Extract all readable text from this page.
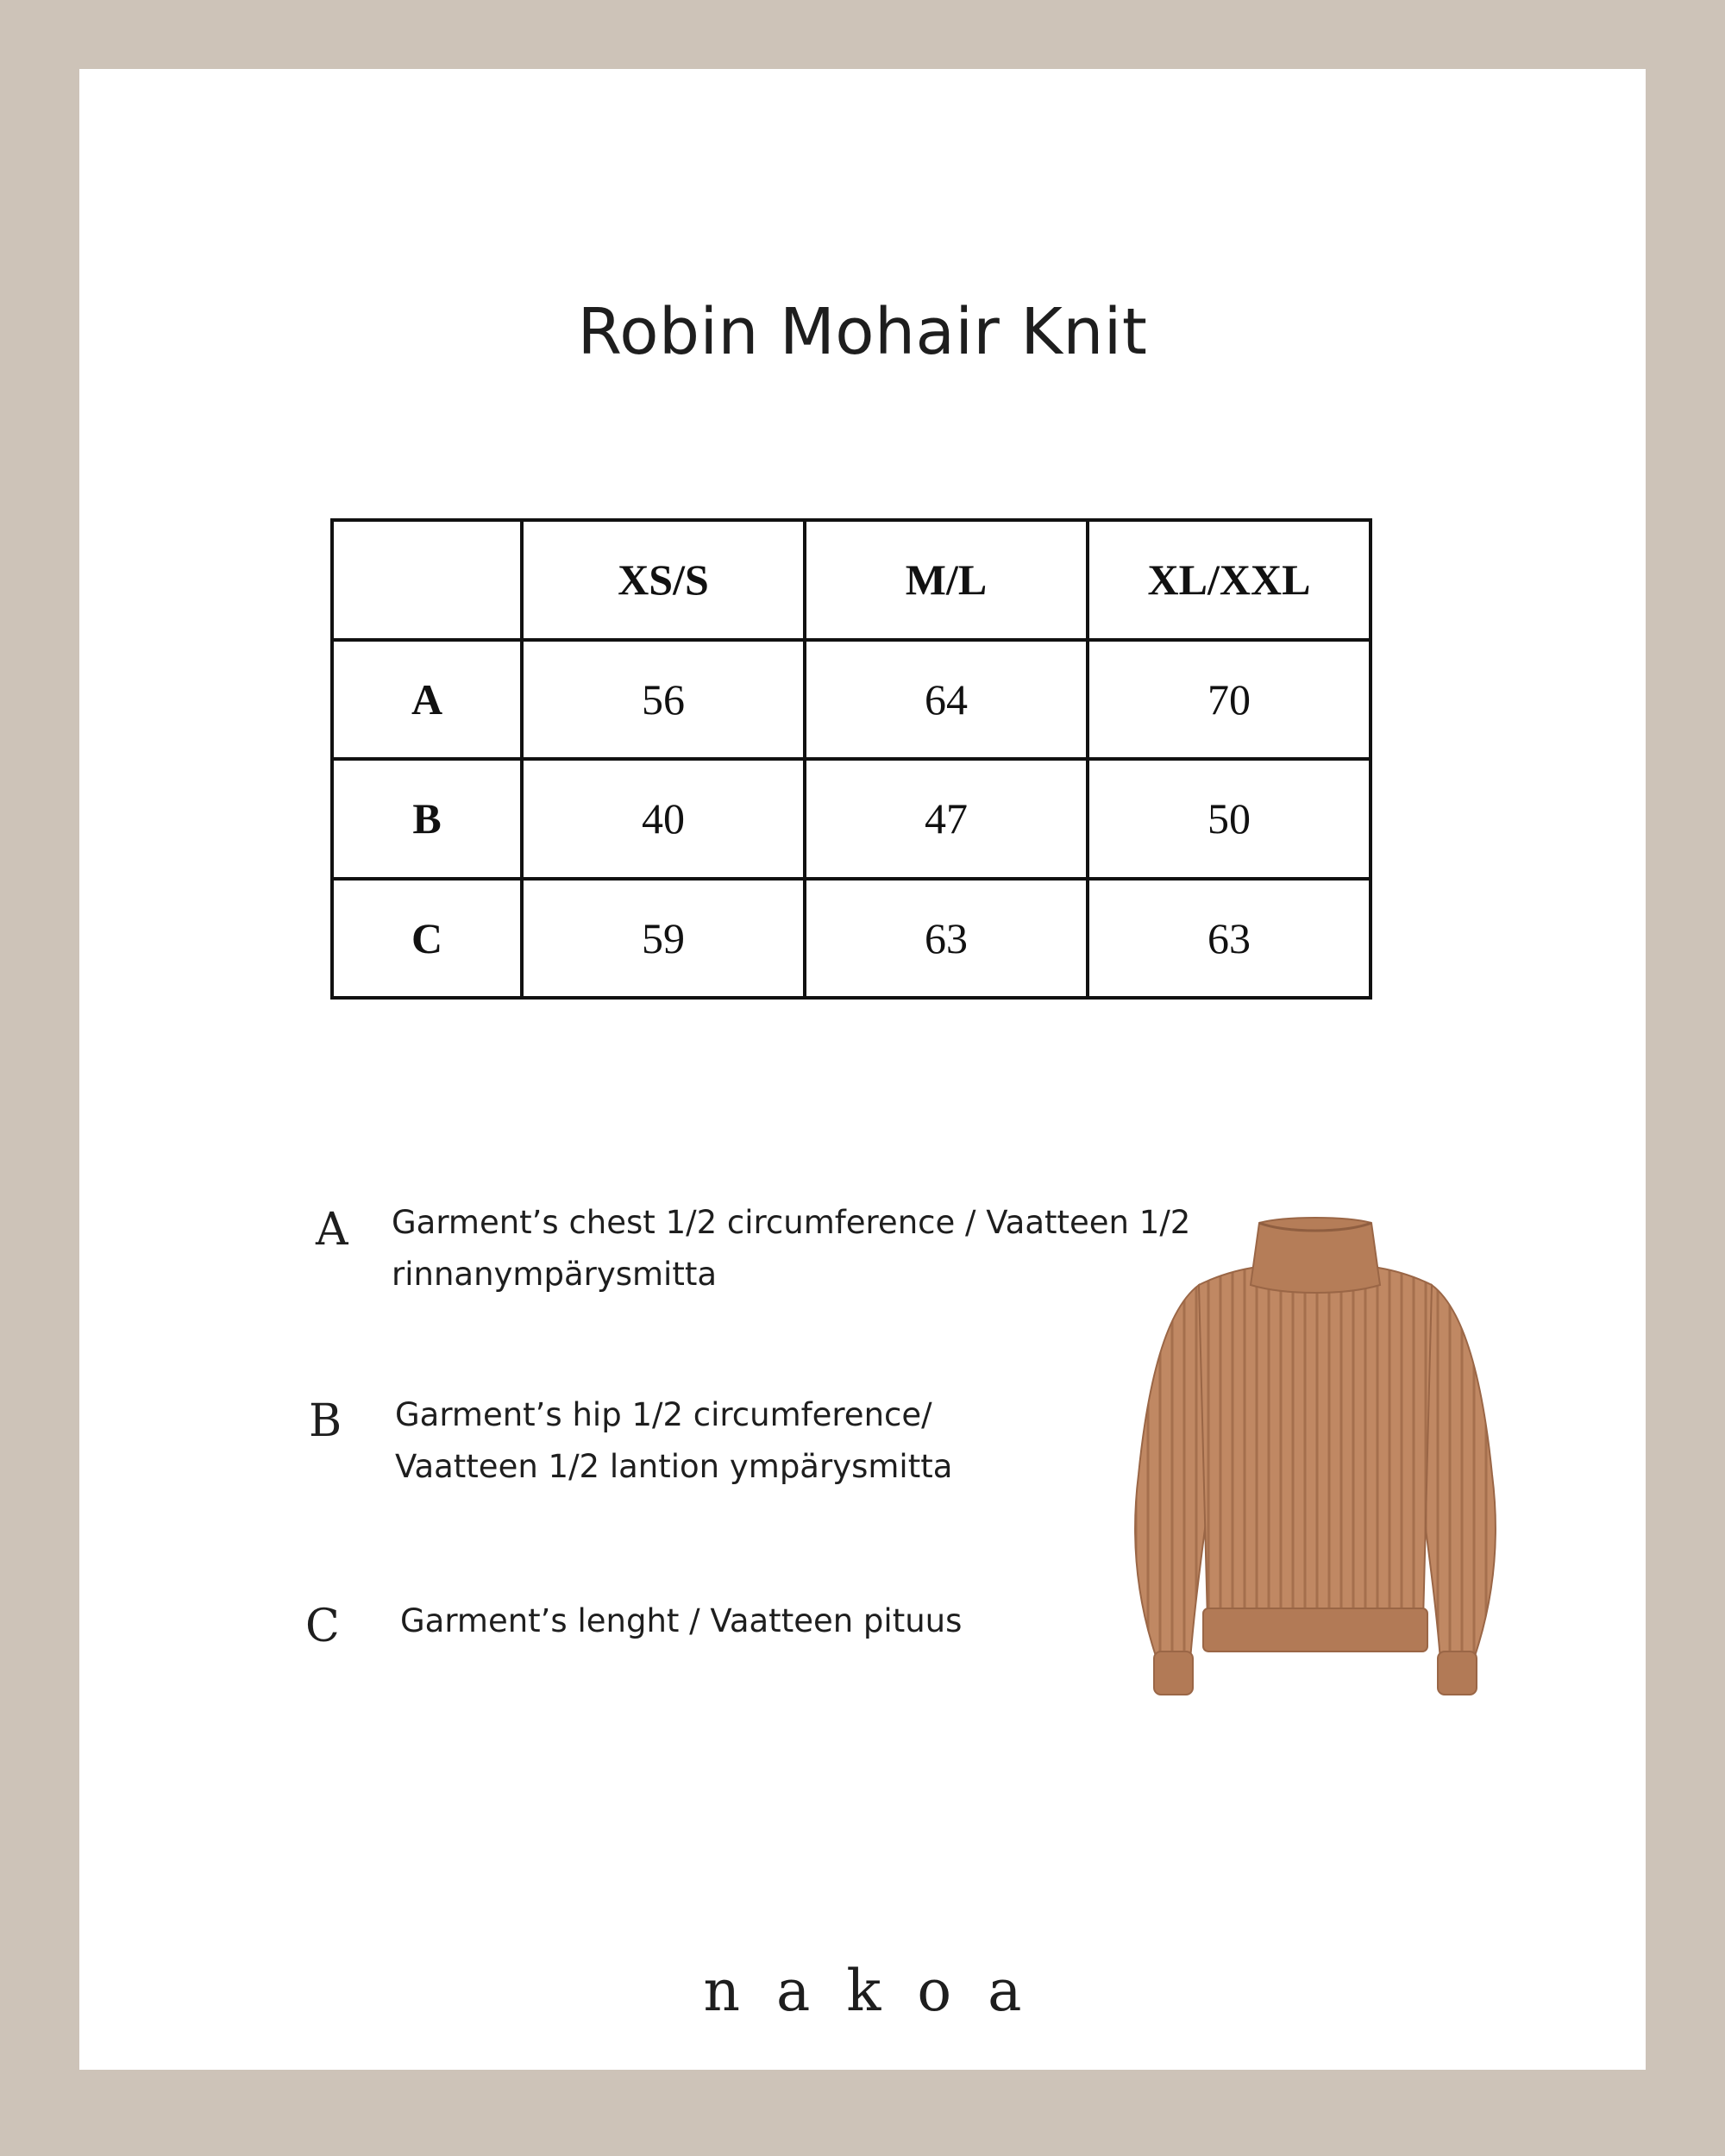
Robin Mohair Knit
	XS/S	M/L	XL/XXL
A	56	64	70
B	40	47	50
C	59	63	63
A Garment’s chest 1/2 circumference / Vaatteen 1/2
rinnanympärysmitta
B Garment’s hip 1/2 circumference/
Vaatteen 1/2 lantion ympärysmitta
C Garment’s lenght / Vaatteen pituus
nakoa
